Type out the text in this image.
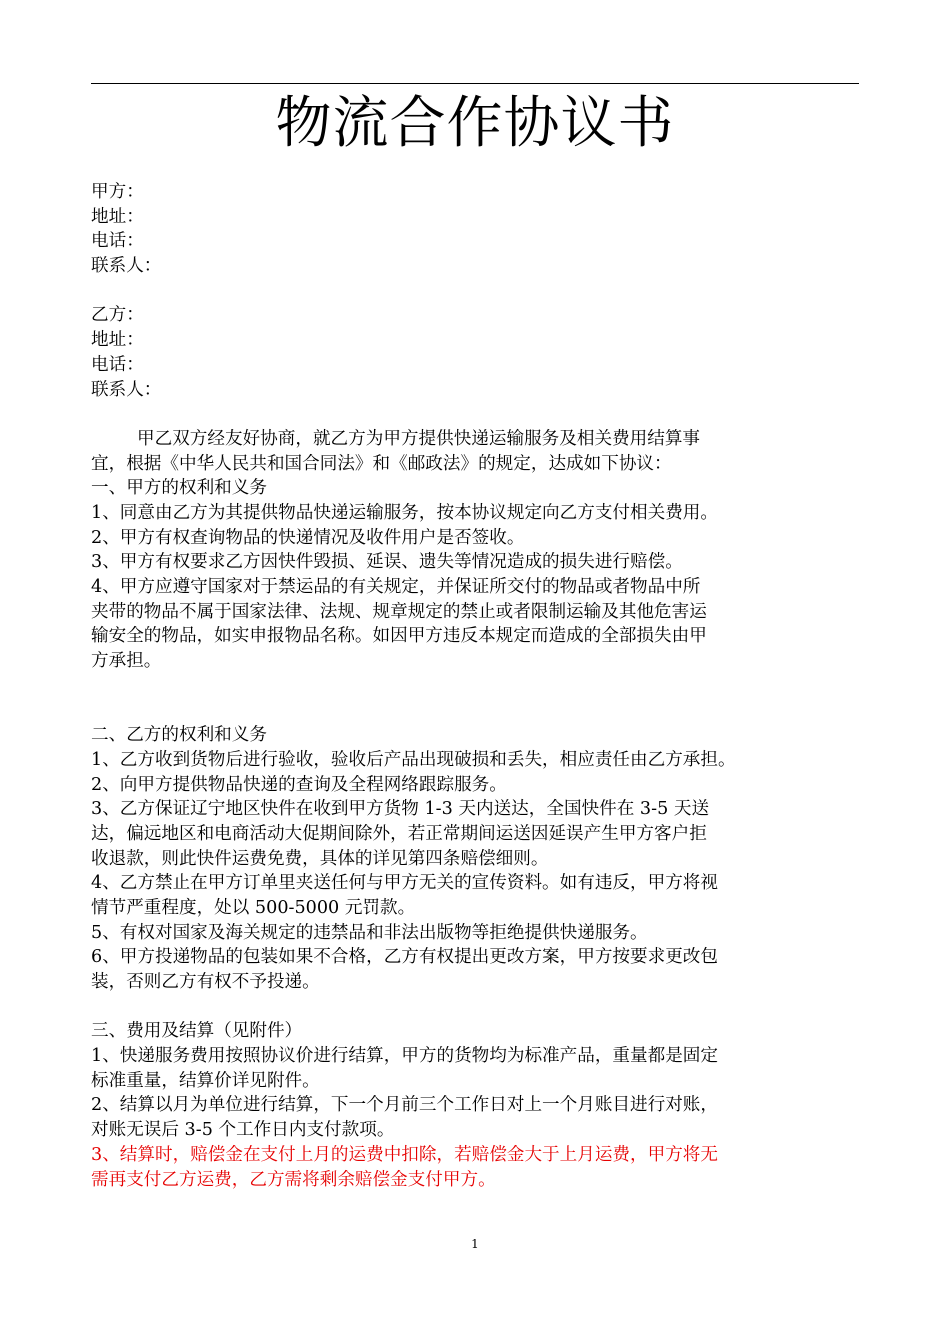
物流合作协议书
甲方：
地址：
电话：
联系人：
乙方：
地址：
电话：
联系人：
甲乙双方经友好协商，就乙方为甲方提供快递运输服务及相关费用结算事
宜，根据《中华人民共和国合同法》和《邮政法》的规定，达成如下协议：
一、甲方的权利和义务
1、同意由乙方为其提供物品快递运输服务，按本协议规定向乙方支付相关费用。
2、甲方有权查询物品的快递情况及收件用户是否签收。
3、甲方有权要求乙方因快件毁损、延误、遗失等情况造成的损失进行赔偿。
4、甲方应遵守国家对于禁运品的有关规定，并保证所交付的物品或者物品中所
夹带的物品不属于国家法律、法规、规章规定的禁止或者限制运输及其他危害运
输安全的物品，如实申报物品名称。如因甲方违反本规定而造成的全部损失由甲
方承担。
二、乙方的权利和义务
1、乙方收到货物后进行验收，验收后产品出现破损和丢失，相应责任由乙方承担。
2、向甲方提供物品快递的查询及全程网络跟踪服务。
3、乙方保证辽宁地区快件在收到甲方货物 1-3 天内送达，全国快件在 3-5 天送
达，偏远地区和电商活动大促期间除外，若正常期间运送因延误产生甲方客户拒
收退款，则此快件运费免费，具体的详见第四条赔偿细则。
4、乙方禁止在甲方订单里夹送任何与甲方无关的宣传资料。如有违反，甲方将视
情节严重程度，处以 500-5000 元罚款。
5、有权对国家及海关规定的违禁品和非法出版物等拒绝提供快递服务。
6、甲方投递物品的包装如果不合格，乙方有权提出更改方案，甲方按要求更改包
装，否则乙方有权不予投递。
三、费用及结算（见附件）
1、快递服务费用按照协议价进行结算，甲方的货物均为标准产品，重量都是固定
标准重量，结算价详见附件。
2、结算以月为单位进行结算，下一个月前三个工作日对上一个月账目进行对账，
对账无误后 3-5 个工作日内支付款项。
3、结算时，赔偿金在支付上月的运费中扣除，若赔偿金大于上月运费，甲方将无
需再支付乙方运费，乙方需将剩余赔偿金支付甲方。
1
